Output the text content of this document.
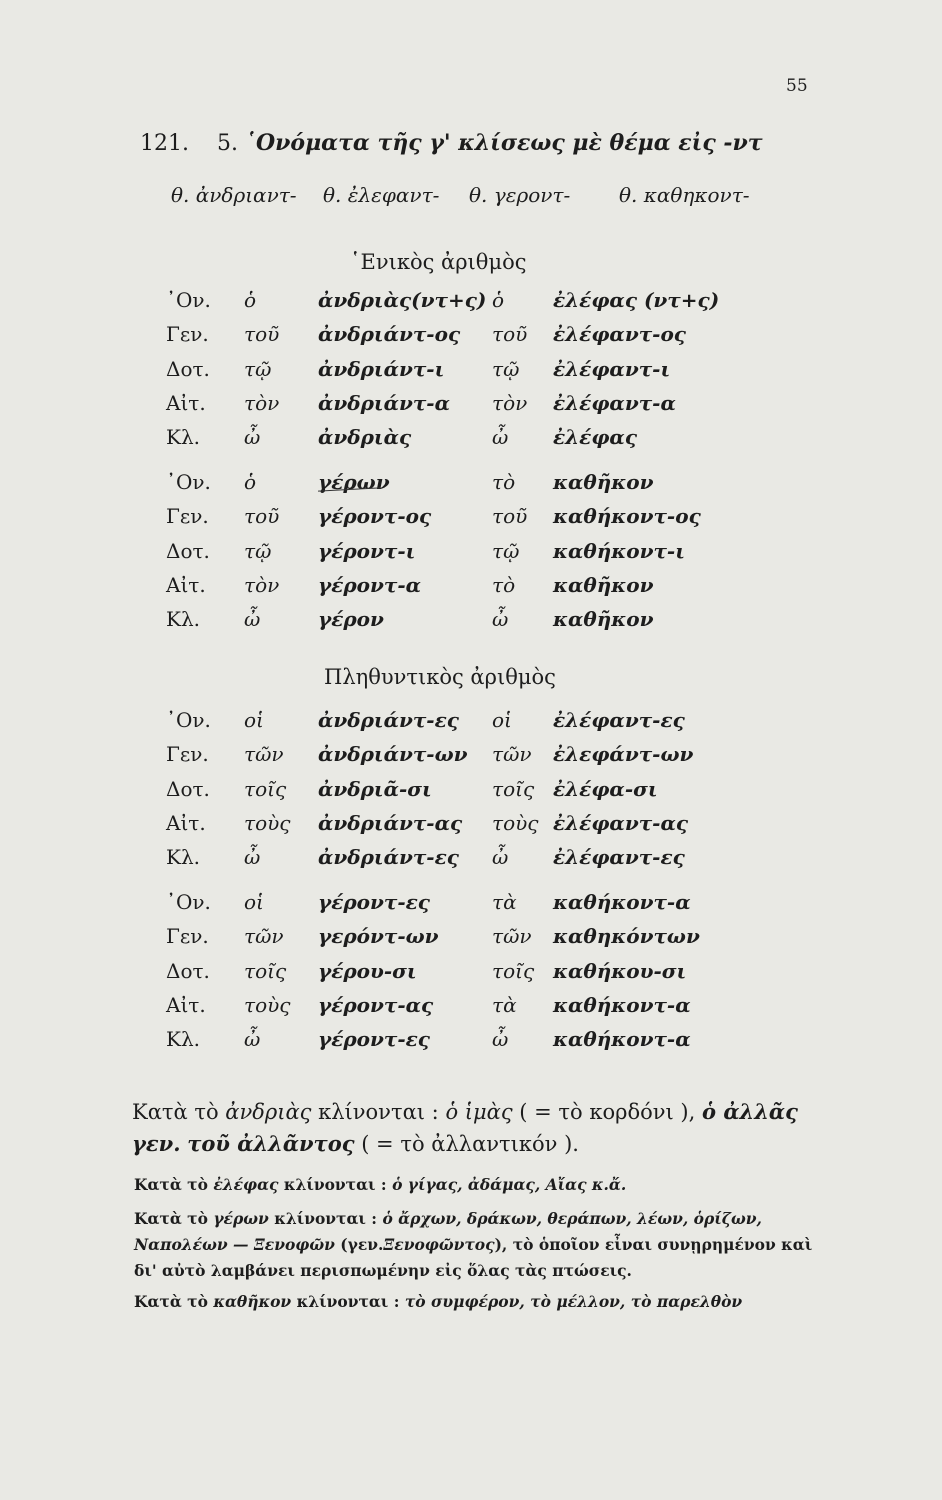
55
121. 5. ῾Ονόματα τῆς γ' κλίσεως μὲ θέμα εἰς -ντ
θ. ἀνδριαντ- θ. ἐλεφαντ- θ. γεροντ- θ. καθηκοντ-
῾Ενικὸς ἀριθμὸς
Πληθυντικὸς ἀριθμὸς
᾿Ον. ὁ	ἀνδριὰς(ντ+ς) ὁ ἐλέφας (ντ+ς)
Γεν. τοῦ ἀνδριάντ-ος τοῦ ἐλέφαντ-ος
Δοτ. τῷ ἀνδριάντ-ι τῷ ἐλέφαντ-ι
Αἰτ. τὸν ἀνδριάντ-α τὸν ἐλέφαντ-α
Κλ. ὦ	ἀνδριὰς	ὦ ἐλέφας
᾿Ον. ὁ	γέρων	τὸ καθῆκον
Γεν. τοῦ γέροντ-ος	τοῦ καθήκοντ-ος
Δοτ. τῷ γέροντ-ι	τῷ καθήκοντ-ι
Αἰτ. τὸν γέροντ-α	τὸ καθῆκον
Κλ. ὦ	γέρον	ὦ καθῆκον
᾿Ον. οἱ	ἀνδριάντ-ες οἱ ἐλέφαντ-ες
Γεν. τῶν ἀνδριάντ-ων τῶν ἐλεφάντ-ων
Δοτ. τοῖς ἀνδριᾶ-σι	τοῖς ἐλέφα-σι
Αἰτ. τοὺς ἀνδριάντ-ας τοὺς ἐλέφαντ-ας
Κλ. ὦ	ἀνδριάντ-ες ὦ ἐλέφαντ-ες
᾿Ον. οἱ	γέροντ-ες	τὰ καθήκοντ-α
Γεν. τῶν γερόντ-ων	τῶν καθηκόντων
Δοτ. τοῖς γέρου-σι	τοῖς καθήκου-σι
Αἰτ. τοὺς γέροντ-ας	τὰ καθήκοντ-α
Κλ. ὦ	γέροντ-ες	ὦ καθήκοντ-α
Κατὰ τὸ ἀνδριὰς κλίνονται : ὁ ἱμὰς ( = τὸ κορδόνι ), ὁ ἀλλᾶς γεν. τοῦ ἀλλᾶντος ( = τὸ ἀλλαντικόν ).
Κατὰ τὸ ἐλέφας κλίνονται : ὁ γίγας, ἀδάμας, Αἴας κ.ἄ.
Κατὰ τὸ γέρων κλίνονται : ὁ ἄρχων, δράκων, θεράπων, λέων, ὁρίζων, Ναπολέων — Ξενοφῶν (γεν.Ξενοφῶντος), τὸ ὁποῖον εἶναι συνῃρημένον καὶ δι' αὐτὸ λαμβάνει περισπωμένην εἰς ὅλας τὰς πτώσεις.
Κατὰ τὸ καθῆκον κλίνονται : τὸ συμφέρον, τὸ μέλλον, τὸ παρελθὸν
